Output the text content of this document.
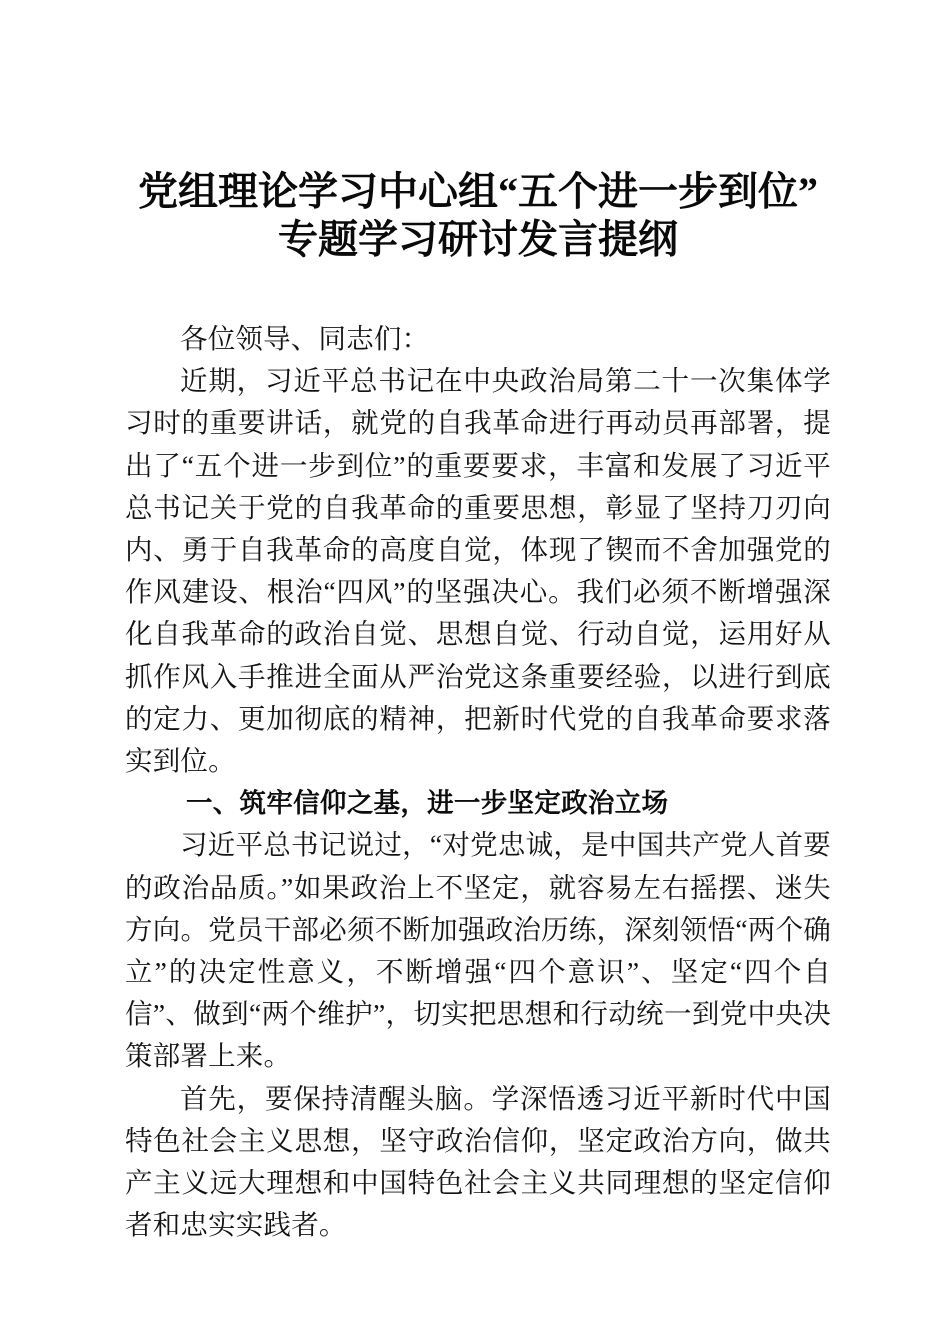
党组理论学习中心组“五个进一步到位”专题学习研讨发言提纲

各位领导、同志们：

近期，习近平总书记在中央政治局第二十一次集体学习时的重要讲话，就党的自我革命进行再动员再部署，提出了“五个进一步到位”的重要要求，丰富和发展了习近平总书记关于党的自我革命的重要思想，彰显了坚持刀刃向内、勇于自我革命的高度自觉，体现了锲而不舍加强党的作风建设、根治“四风”的坚强决心。我们必须不断增强深化自我革命的政治自觉、思想自觉、行动自觉，运用好从抓作风入手推进全面从严治党这条重要经验，以进行到底的定力、更加彻底的精神，把新时代党的自我革命要求落实到位。

一、筑牢信仰之基，进一步坚定政治立场

习近平总书记说过，“对党忠诚，是中国共产党人首要的政治品质。”如果政治上不坚定，就容易左右摇摆、迷失方向。党员干部必须不断加强政治历练，深刻领悟“两个确立”的决定性意义，不断增强“四个意识”、坚定“四个自信”、做到“两个维护”，切实把思想和行动统一到党中央决策部署上来。

首先，要保持清醒头脑。学深悟透习近平新时代中国特色社会主义思想，坚守政治信仰，坚定政治方向，做共产主义远大理想和中国特色社会主义共同理想的坚定信仰者和忠实实践者。
